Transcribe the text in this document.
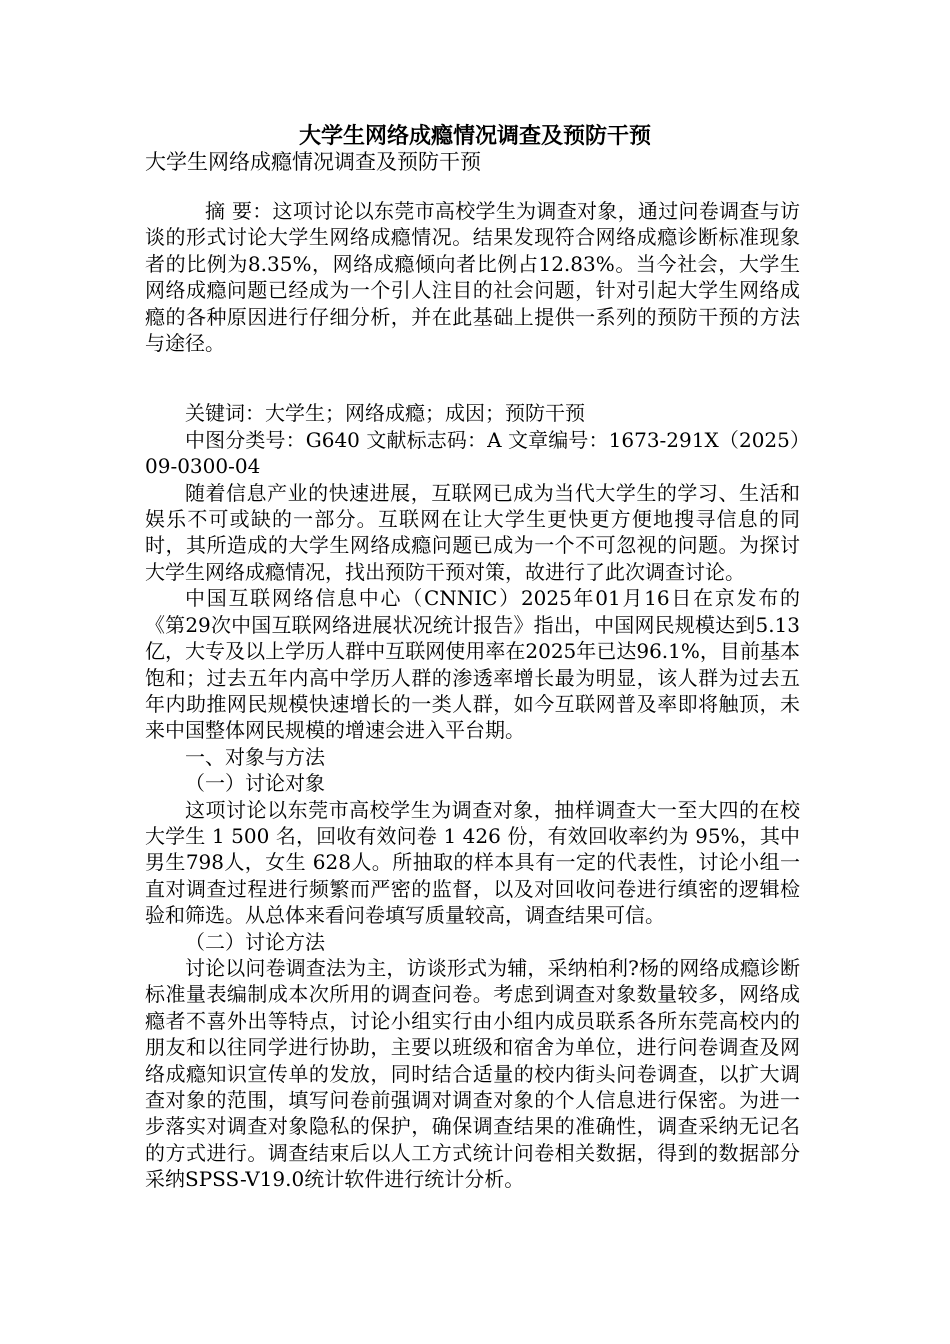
大学生网络成瘾情况调查及预防干预
大学生网络成瘾情况调查及预防干预

摘 要：这项讨论以东莞市高校学生为调查对象，通过问卷调查与访谈的形式讨论大学生网络成瘾情况。结果发现符合网络成瘾诊断标准现象者的比例为8.35%，网络成瘾倾向者比例占12.83%。当今社会，大学生网络成瘾问题已经成为一个引人注目的社会问题，针对引起大学生网络成瘾的各种原因进行仔细分析，并在此基础上提供一系列的预防干预的方法与途径。

关键词：大学生；网络成瘾；成因；预防干预

中图分类号：G640 文献标志码：A 文章编号：1673-291X（2025）09-0300-04

随着信息产业的快速进展，互联网已成为当代大学生的学习、生活和娱乐不可或缺的一部分。互联网在让大学生更快更方便地搜寻信息的同时，其所造成的大学生网络成瘾问题已成为一个不可忽视的问题。为探讨大学生网络成瘾情况，找出预防干预对策，故进行了此次调查讨论。

中国互联网络信息中心（CNNIC）2025年01月16日在京发布的《第29次中国互联网络进展状况统计报告》指出，中国网民规模达到5.13亿，大专及以上学历人群中互联网使用率在2025年已达96.1%，目前基本饱和；过去五年内高中学历人群的渗透率增长最为明显，该人群为过去五年内助推网民规模快速增长的一类人群，如今互联网普及率即将触顶，未来中国整体网民规模的增速会进入平台期。

一、对象与方法

（一）讨论对象

这项讨论以东莞市高校学生为调查对象，抽样调查大一至大四的在校大学生 1 500 名，回收有效问卷 1 426 份，有效回收率约为 95%，其中男生798人，女生 628人。所抽取的样本具有一定的代表性，讨论小组一直对调查过程进行频繁而严密的监督，以及对回收问卷进行缜密的逻辑检验和筛选。从总体来看问卷填写质量较高，调查结果可信。

（二）讨论方法

讨论以问卷调查法为主，访谈形式为辅，采纳柏利?杨的网络成瘾诊断标准量表编制成本次所用的调查问卷。考虑到调查对象数量较多，网络成瘾者不喜外出等特点，讨论小组实行由小组内成员联系各所东莞高校内的朋友和以往同学进行协助，主要以班级和宿舍为单位，进行问卷调查及网络成瘾知识宣传单的发放，同时结合适量的校内街头问卷调查，以扩大调查对象的范围，填写问卷前强调对调查对象的个人信息进行保密。为进一步落实对调查对象隐私的保护，确保调查结果的准确性，调查采纳无记名的方式进行。调查结束后以人工方式统计问卷相关数据，得到的数据部分采纳SPSS-V19.0统计软件进行统计分析。
